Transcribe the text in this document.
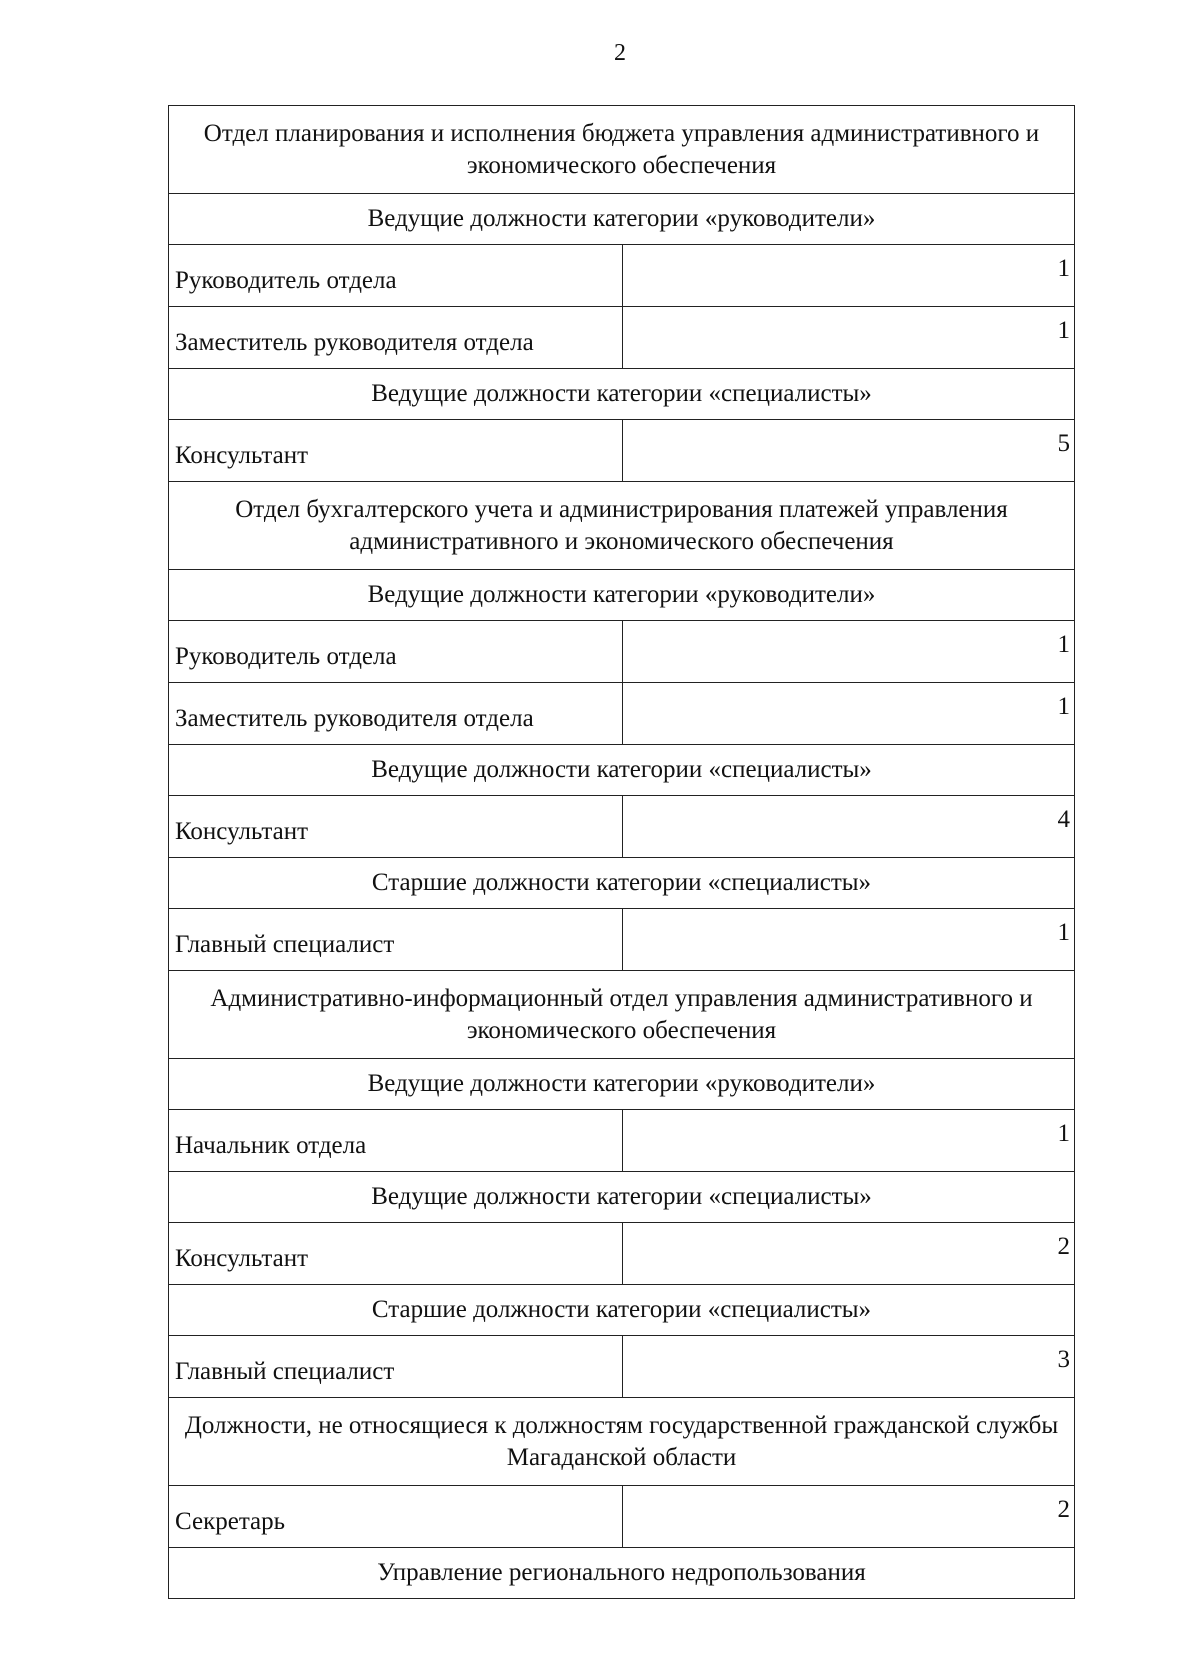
2
Отдел планирования и исполнения бюджета управления административного и экономического обеспечения	
Ведущие должности категории «руководители»	
Руководитель отдела	1
Заместитель руководителя отдела	1
Ведущие должности категории «специалисты»	
Консультант	5
Отдел бухгалтерского учета и администрирования платежей управления административного и экономического обеспечения	
Ведущие должности категории «руководители»	
Руководитель отдела	1
Заместитель руководителя отдела	1
Ведущие должности категории «специалисты»	
Консультант	4
Старшие должности категории «специалисты»	
Главный специалист	1
Административно-информационный отдел управления административного и экономического обеспечения	
Ведущие должности категории «руководители»	
Начальник отдела	1
Ведущие должности категории «специалисты»	
Консультант	2
Старшие должности категории «специалисты»	
Главный специалист	3
Должности, не относящиеся к должностям государственной гражданской службы Магаданской области	
Секретарь	2
Управление регионального недропользования	
